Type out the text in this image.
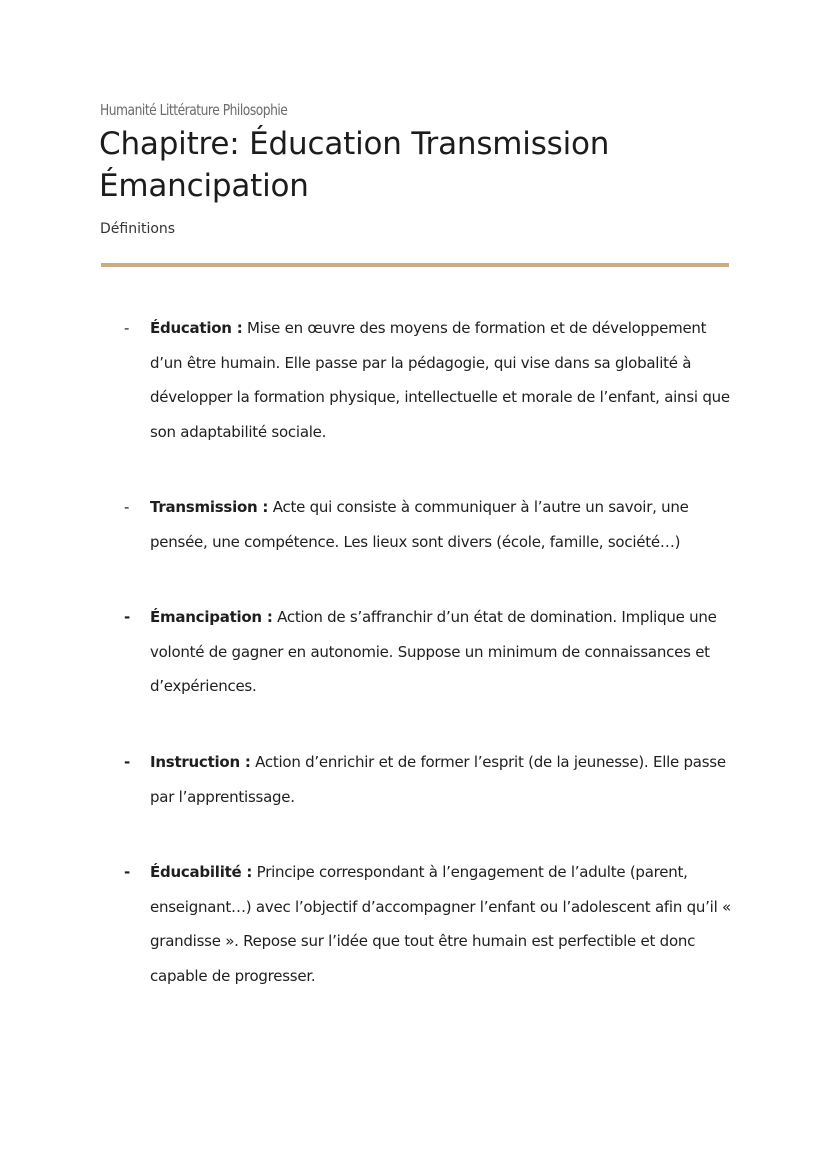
Humanité Littérature Philosophie
Chapitre: Éducation Transmission Émancipation
Définitions
-	Éducation : Mise en œuvre des moyens de formation et de développement d’un être humain. Elle passe par la pédagogie, qui vise dans sa globalité à développer la formation physique, intellectuelle et morale de l’enfant, ainsi que son adaptabilité sociale.
-	Transmission : Acte qui consiste à communiquer à l’autre un savoir, une pensée, une compétence. Les lieux sont divers (école, famille, société…)
- Émancipation : Action de s’affranchir d’un état de domination. Implique une volonté de gagner en autonomie. Suppose un minimum de connaissances et d’expériences.
- Instruction : Action d’enrichir et de former l’esprit (de la jeunesse). Elle passe par l’apprentissage.
- Éducabilité : Principe correspondant à l’engagement de l’adulte (parent, enseignant…) avec l’objectif d’accompagner l’enfant ou l’adolescent afin qu’il « grandisse ». Repose sur l’idée que tout être humain est perfectible et donc capable de progresser.
